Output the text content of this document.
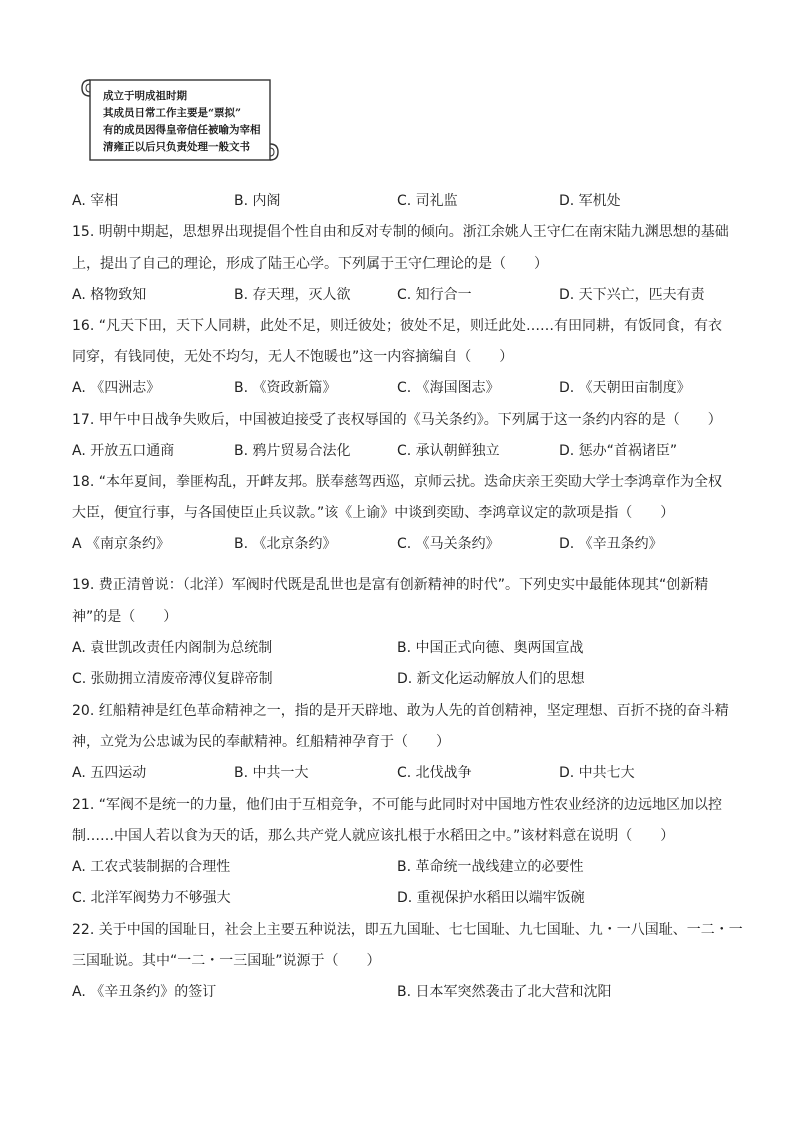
成立于明成祖时期
其成员日常工作主要是“票拟”
有的成员因得皇帝信任被喻为宰相
清雍正以后只负责处理一般文书
A. 宰相	B. 内阁	C. 司礼监	D. 军机处
15. 明朝中期起，思想界出现提倡个性自由和反对专制的倾向。浙江余姚人王守仁在南宋陆九渊思想的基础
上，提出了自己的理论，形成了陆王心学。下列属于王守仁理论的是（　　）
A. 格物致知	B. 存天理，灭人欲	C. 知行合一	D. 天下兴亡，匹夫有责
16. “凡天下田，天下人同耕，此处不足，则迁彼处；彼处不足，则迁此处……有田同耕，有饭同食，有衣
同穿，有钱同使，无处不均匀，无人不饱暖也”这一内容摘编自（　　）
A. 《四洲志》	B. 《资政新篇》	C. 《海国图志》	D. 《天朝田亩制度》
17. 甲午中日战争失败后，中国被迫接受了丧权辱国的《马关条约》。下列属于这一条约内容的是（　　）
A. 开放五口通商	B. 鸦片贸易合法化	C. 承认朝鲜独立	D. 惩办“首祸诸臣”
18. “本年夏间，拳匪构乱，开衅友邦。朕奉慈驾西巡，京师云扰。迭命庆亲王奕劻大学士李鸿章作为全权
大臣，便宜行事，与各国使臣止兵议款。”该《上谕》中谈到奕劻、李鸿章议定的款项是指（　　）
A 《南京条约》	B. 《北京条约》	C. 《马关条约》	D. 《辛丑条约》
19. 费正清曾说：（北洋）军阀时代既是乱世也是富有创新精神的时代”。下列史实中最能体现其“创新精
神”的是（　　）
A. 袁世凯改责任内阁制为总统制	B. 中国正式向德、奥两国宣战
C. 张勋拥立清废帝溥仪复辟帝制	D. 新文化运动解放人们的思想
20. 红船精神是红色革命精神之一，指的是开天辟地、敢为人先的首创精神，坚定理想、百折不挠的奋斗精
神，立党为公忠诚为民的奉献精神。红船精神孕育于（　　）
A. 五四运动	B. 中共一大	C. 北伐战争	D. 中共七大
21. “军阀不是统一的力量，他们由于互相竞争，不可能与此同时对中国地方性农业经济的边远地区加以控
制……中国人若以食为天的话，那么共产党人就应该扎根于水稻田之中。”该材料意在说明（　　）
A. 工农式装制据的合理性	B. 革命统一战线建立的必要性
C. 北洋军阀势力不够强大	D. 重视保护水稻田以端牢饭碗
22. 关于中国的国耻日，社会上主要五种说法，即五九国耻、七七国耻、九七国耻、九・一八国耻、一二・一
三国耻说。其中“一二・一三国耻”说源于（　　）
A. 《辛丑条约》的签订	B. 日本军突然袭击了北大营和沈阳
